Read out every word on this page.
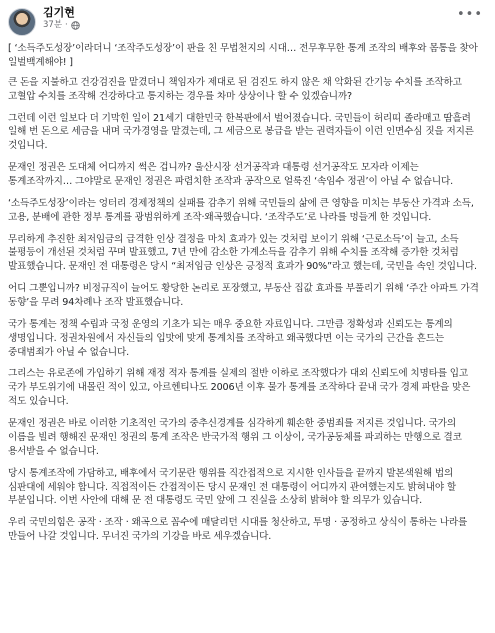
김기현
37분 ·
•••

[ ‘소득주도성장’이라더니 ‘조작주도성장’이 판을 친 무법천지의 시대… 전무후무한 통계 조작의 배후와 몸통을 찾아 일벌백계해야! ]

큰 돈을 지불하고 건강검진을 맡겼더니 책임자가 제대로 된 검진도 하지 않은 채 악화된 간기능 수치를 조작하고 고혈압 수치를 조작해 건강하다고 통지하는 경우를 차마 상상이나 할 수 있겠습니까?

그런데 이런 일보다 더 기막힌 일이 21세기 대한민국 한복판에서 벌어졌습니다. 국민들이 허리띠 졸라매고 땀흘려 일해 번 돈으로 세금을 내며 국가경영을 맡겼는데, 그 세금으로 봉급을 받는 권력자들이 이런 인면수심 짓을 저지른 것입니다.

문재인 정권은 도대체 어디까지 썩은 겁니까? 울산시장 선거공작과 대통령 선거공작도 모자라 이제는 통계조작까지… 그야말로 문재인 정권은 파렴치한 조작과 공작으로 얼룩진 ‘속임수 정권’이 아닐 수 없습니다.

‘소득주도성장’이라는 엉터리 경제정책의 실패를 감추기 위해 국민들의 삶에 큰 영향을 미치는 부동산 가격과 소득, 고용, 분배에 관한 정부 통계를 광범위하게 조작·왜곡했습니다. ‘조작주도’로 나라를 멍들게 한 것입니다.

무리하게 추진한 최저임금의 급격한 인상 결정을 마치 효과가 있는 것처럼 보이기 위해 ‘근로소득’이 늘고, 소득 불평등이 개선된 것처럼 꾸며 발표했고, 7년 만에 감소한 가계소득을 감추기 위해 수치를 조작해 증가한 것처럼 발표했습니다. 문재인 전 대통령은 당시 “최저임금 인상은 긍정적 효과가 90%”라고 했는데, 국민을 속인 것입니다.

어디 그뿐입니까? 비정규직이 늘어도 황당한 논리로 포장했고, 부동산 집값 효과를 부풀리기 위해 ‘주간 아파트 가격 동향’을 무려 94차례나 조작 발표했습니다.

국가 통계는 정책 수립과 국정 운영의 기초가 되는 매우 중요한 자료입니다. 그만큼 정확성과 신뢰도는 통계의 생명입니다. 정권차원에서 자신들의 입맛에 맞게 통계치를 조작하고 왜곡했다면 이는 국가의 근간을 흔드는 중대범죄가 아닐 수 없습니다.

그리스는 유로존에 가입하기 위해 재정 적자 통계를 실제의 절반 이하로 조작했다가 대외 신뢰도에 치명타를 입고 국가 부도위기에 내몰린 적이 있고, 아르헨티나도 2006년 이후 물가 통계를 조작하다 끝내 국가 경제 파탄을 맞은 적도 있습니다.

문재인 정권은 바로 이러한 기초적인 국가의 중추신경계를 심각하게 훼손한 중범죄를 저지른 것입니다. 국가의 이름을 빌려 행해진 문재인 정권의 통계 조작은 반국가적 행위 그 이상이, 국가공동체를 파괴하는 만행으로 결코 용서받을 수 없습니다.

당시 통계조작에 가담하고, 배후에서 국기문란 행위를 직간접적으로 지시한 인사들을 끝까지 발본색원해 법의 심판대에 세워야 합니다. 직접적이든 간접적이든 당시 문재인 전 대통령이 어디까지 관여했는지도 밝혀내야 할 부분입니다. 이번 사안에 대해 문 전 대통령도 국민 앞에 그 진실을 소상히 밝혀야 할 의무가 있습니다.

우리 국민의힘은 공작 · 조작 · 왜곡으로 꼼수에 매달리던 시대를 청산하고, 투명 · 공정하고 상식이 통하는 나라를 만들어 나갈 것입니다. 무너진 국가의 기강을 바로 세우겠습니다.
